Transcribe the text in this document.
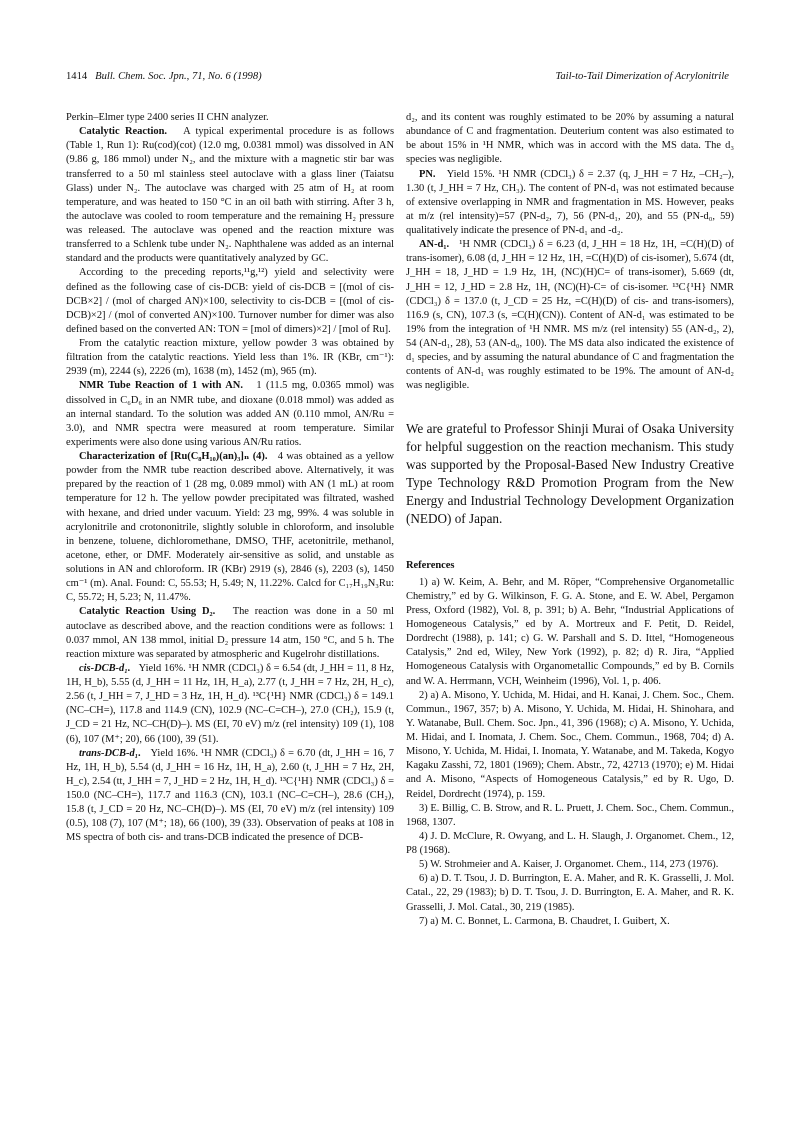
1414 Bull. Chem. Soc. Jpn., 71, No. 6 (1998)	Tail-to-Tail Dimerization of Acrylonitrile

Perkin–Elmer type 2400 series II CHN analyzer.

Catalytic Reaction. A typical experimental procedure is as follows (Table 1, Run 1): Ru(cod)(cot) (12.0 mg, 0.0381 mmol) was dissolved in AN (9.86 g, 186 mmol) under N₂, and the mixture with a magnetic stir bar was transferred to a 50 ml stainless steel autoclave with a glass liner (Taiatsu Glass) under N₂. The autoclave was charged with 25 atm of H₂ at room temperature, and was heated to 150 °C in an oil bath with stirring. After 3 h, the autoclave was cooled to room temperature and the remaining H₂ pressure was released. The autoclave was opened and the reaction mixture was transferred to a Schlenk tube under N₂. Naphthalene was added as an internal standard and the products were quantitatively analyzed by GC.

According to the preceding reports,¹¹g,¹²) yield and selectivity were defined as the following case of cis-DCB: yield of cis-DCB = [(mol of cis-DCB×2] / (mol of charged AN)×100, selectivity to cis-DCB = [(mol of cis-DCB)×2] / (mol of converted AN)×100. Turnover number for dimer was also defined based on the converted AN: TON = [mol of dimers)×2] / [mol of Ru].

From the catalytic reaction mixture, yellow powder 3 was obtained by filtration from the catalytic reactions. Yield less than 1%. IR (KBr, cm⁻¹): 2939 (m), 2244 (s), 2226 (m), 1638 (m), 1452 (m), 965 (m).

NMR Tube Reaction of 1 with AN. 1 (11.5 mg, 0.0365 mmol) was dissolved in C₆D₆ in an NMR tube, and dioxane (0.018 mmol) was added as an internal standard. To the solution was added AN (0.110 mmol, AN/Ru = 3.0), and NMR spectra were measured at room temperature. Similar experiments were also done using various AN/Ru ratios.

Characterization of [Ru(C₈H₁₀)(an)₃]ₙ (4). 4 was obtained as a yellow powder from the NMR tube reaction described above. Alternatively, it was prepared by the reaction of 1 (28 mg, 0.089 mmol) with AN (1 mL) at room temperature for 12 h. The yellow powder precipitated was filtrated, washed with hexane, and dried under vacuum. Yield: 23 mg, 99%. 4 was soluble in acrylonitrile and crotononitrile, slightly soluble in chloroform, and insoluble in benzene, toluene, dichloromethane, DMSO, THF, acetonitrile, methanol, acetone, ether, or DMF. Moderately air-sensitive as solid, and unstable as solutions in AN and chloroform. IR (KBr) 2919 (s), 2846 (s), 2203 (s), 1450 cm⁻¹ (m). Anal. Found: C, 55.53; H, 5.49; N, 11.22%. Calcd for C₁₇H₁₉N₃Ru: C, 55.72; H, 5.23; N, 11.47%.

Catalytic Reaction Using D₂. The reaction was done in a 50 ml autoclave as described above, and the reaction conditions were as follows: 1 0.037 mmol, AN 138 mmol, initial D₂ pressure 14 atm, 150 °C, and 5 h. The reaction mixture was separated by atmospheric and Kugelrohr distillations.

cis-DCB-d₁. Yield 16%. ¹H NMR (CDCl₃) δ = 6.54 (dt, J_HH = 11, 8 Hz, 1H, H_b), 5.55 (d, J_HH = 11 Hz, 1H, H_a), 2.77 (t, J_HH = 7 Hz, 2H, H_c), 2.56 (t, J_HH = 7, J_HD = 3 Hz, 1H, H_d). ¹³C{¹H} NMR (CDCl₃) δ = 149.1 (NC–CH=), 117.8 and 114.9 (CN), 102.9 (NC–C=CH–), 27.0 (CH₂), 15.9 (t, J_CD = 21 Hz, NC–CH(D)–). MS (EI, 70 eV) m/z (rel intensity) 109 (1), 108 (6), 107 (M⁺; 20), 66 (100), 39 (51).

trans-DCB-d₁. Yield 16%. ¹H NMR (CDCl₃) δ = 6.70 (dt, J_HH = 16, 7 Hz, 1H, H_b), 5.54 (d, J_HH = 16 Hz, 1H, H_a), 2.60 (t, J_HH = 7 Hz, 2H, H_c), 2.54 (tt, J_HH = 7, J_HD = 2 Hz, 1H, H_d). ¹³C{¹H} NMR (CDCl₃) δ = 150.0 (NC–CH=), 117.7 and 116.3 (CN), 103.1 (NC–C=CH–), 28.6 (CH₂), 15.8 (t, J_CD = 20 Hz, NC–CH(D)–). MS (EI, 70 eV) m/z (rel intensity) 109 (0.5), 108 (7), 107 (M⁺; 18), 66 (100), 39 (33). Observation of peaks at 108 in MS spectra of both cis- and trans-DCB indicated the presence of DCB-

d₂, and its content was roughly estimated to be 20% by assuming a natural abundance of C and fragmentation. Deuterium content was also estimated to be about 15% in ¹H NMR, which was in accord with the MS data. The d₃ species was negligible.

PN. Yield 15%. ¹H NMR (CDCl₃) δ = 2.37 (q, J_HH = 7 Hz, –CH₂–), 1.30 (t, J_HH = 7 Hz, CH₃). The content of PN-d₁ was not estimated because of extensive overlapping in NMR and fragmentation in MS. However, peaks at m/z (rel intensity)=57 (PN-d₂, 7), 56 (PN-d₁, 20), and 55 (PN-d₀, 59) qualitatively indicate the presence of PN-d₁ and -d₂.

AN-d₁. ¹H NMR (CDCl₃) δ = 6.23 (d, J_HH = 18 Hz, 1H, =C(H)(D) of trans-isomer), 6.08 (d, J_HH = 12 Hz, 1H, =C(H)(D) of cis-isomer), 5.674 (dt, J_HH = 18, J_HD = 1.9 Hz, 1H, (NC)(H)C= of trans-isomer), 5.669 (dt, J_HH = 12, J_HD = 2.8 Hz, 1H, (NC)(H)-C= of cis-isomer. ¹³C{¹H} NMR (CDCl₃) δ = 137.0 (t, J_CD = 25 Hz, =C(H)(D) of cis- and trans-isomers), 116.9 (s, CN), 107.3 (s, =C(H)(CN)). Content of AN-d₁ was estimated to be 19% from the integration of ¹H NMR. MS m/z (rel intensity) 55 (AN-d₂, 2), 54 (AN-d₁, 28), 53 (AN-d₀, 100). The MS data also indicated the existence of d₁ species, and by assuming the natural abundance of C and fragmentation the contents of AN-d₁ was roughly estimated to be 19%. The amount of AN-d₂ was negligible.

We are grateful to Professor Shinji Murai of Osaka University for helpful suggestion on the reaction mechanism. This study was supported by the Proposal-Based New Industry Creative Type Technology R&D Promotion Program from the New Energy and Industrial Technology Development Organization (NEDO) of Japan.

References

1) a) W. Keim, A. Behr, and M. Röper, “Comprehensive Organometallic Chemistry,” ed by G. Wilkinson, F. G. A. Stone, and E. W. Abel, Pergamon Press, Oxford (1982), Vol. 8, p. 391; b) A. Behr, “Industrial Applications of Homogeneous Catalysis,” ed by A. Mortreux and F. Petit, D. Reidel, Dordrecht (1988), p. 141; c) G. W. Parshall and S. D. Ittel, “Homogeneous Catalysis,” 2nd ed, Wiley, New York (1992), p. 82; d) R. Jira, “Applied Homogeneous Catalysis with Organometallic Compounds,” ed by B. Cornils and W. A. Herrmann, VCH, Weinheim (1996), Vol. 1, p. 406.

2) a) A. Misono, Y. Uchida, M. Hidai, and H. Kanai, J. Chem. Soc., Chem. Commun., 1967, 357; b) A. Misono, Y. Uchida, M. Hidai, H. Shinohara, and Y. Watanabe, Bull. Chem. Soc. Jpn., 41, 396 (1968); c) A. Misono, Y. Uchida, M. Hidai, and I. Inomata, J. Chem. Soc., Chem. Commun., 1968, 704; d) A. Misono, Y. Uchida, M. Hidai, I. Inomata, Y. Watanabe, and M. Takeda, Kogyo Kagaku Zasshi, 72, 1801 (1969); Chem. Abstr., 72, 42713 (1970); e) M. Hidai and A. Misono, “Aspects of Homogeneous Catalysis,” ed by R. Ugo, D. Reidel, Dordrecht (1974), p. 159.

3) E. Billig, C. B. Strow, and R. L. Pruett, J. Chem. Soc., Chem. Commun., 1968, 1307.

4) J. D. McClure, R. Owyang, and L. H. Slaugh, J. Organomet. Chem., 12, P8 (1968).

5) W. Strohmeier and A. Kaiser, J. Organomet. Chem., 114, 273 (1976).

6) a) D. T. Tsou, J. D. Burrington, E. A. Maher, and R. K. Grasselli, J. Mol. Catal., 22, 29 (1983); b) D. T. Tsou, J. D. Burrington, E. A. Maher, and R. K. Grasselli, J. Mol. Catal., 30, 219 (1985).

7) a) M. C. Bonnet, L. Carmona, B. Chaudret, I. Guibert, X.
